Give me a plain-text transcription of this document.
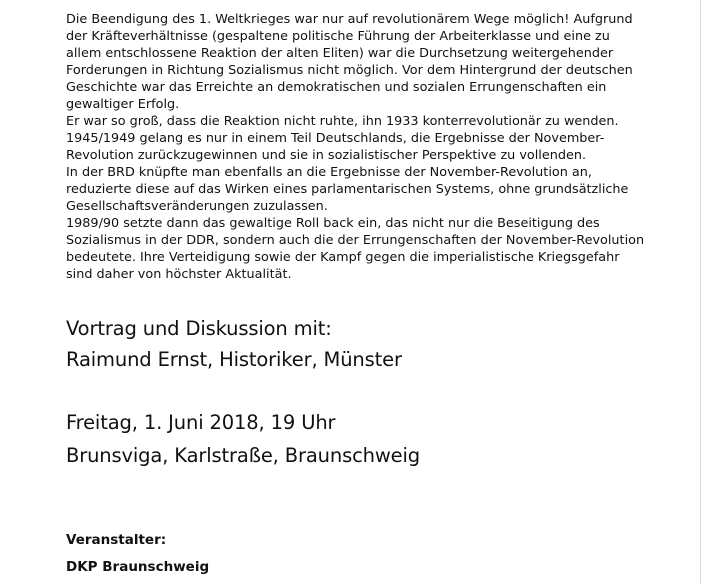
Die Beendigung des 1. Weltkrieges war nur auf revolutionärem Wege möglich! Aufgrund
der Kräfteverhältnisse (gespaltene politische Führung der Arbeiterklasse und eine zu
allem entschlossene Reaktion der alten Eliten) war die Durchsetzung weitergehender
Forderungen in Richtung Sozialismus nicht möglich. Vor dem Hintergrund der deutschen
Geschichte war das Erreichte an demokratischen und sozialen Errungenschaften ein
gewaltiger Erfolg.

Er war so groß, dass die Reaktion nicht ruhte, ihn 1933 konterrevolutionär zu wenden.
1945/1949 gelang es nur in einem Teil Deutschlands, die Ergebnisse der November-
Revolution zurückzugewinnen und sie in sozialistischer Perspektive zu vollenden.

In der BRD knüpfte man ebenfalls an die Ergebnisse der November-Revolution an,
reduzierte diese auf das Wirken eines parlamentarischen Systems, ohne grundsätzliche
Gesellschaftsveränderungen zuzulassen.

1989/90 setzte dann das gewaltige Roll back ein, das nicht nur die Beseitigung des
Sozialismus in der DDR, sondern auch die der Errungenschaften der November-Revolution
bedeutete. Ihre Verteidigung sowie der Kampf gegen die imperialistische Kriegsgefahr
sind daher von höchster Aktualität.

Vortrag und Diskussion mit:
Raimund Ernst, Historiker, Münster
Freitag, 1. Juni 2018, 19 Uhr
Brunsviga, Karlstraße, Braunschweig
Veranstalter:
DKP Braunschweig
